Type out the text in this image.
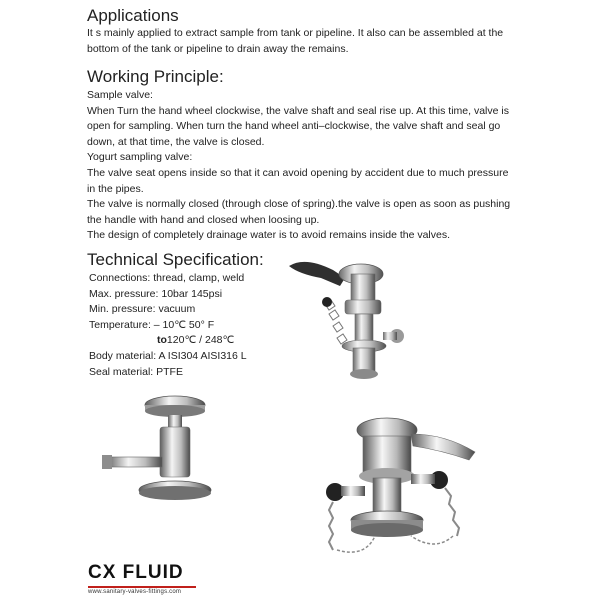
Applications

It s mainly applied to extract sample from tank or pipeline. It also can be assembled at the bottom of the tank or pipeline to drain away the remains.

Working Principle:
Sample valve:
When Turn the hand wheel clockwise, the valve shaft and seal rise up. At this time, valve is open for sampling. When turn the hand wheel anti–clockwise, the valve shaft and seal go down, at that time, the valve is closed.
Yogurt sampling valve:
The valve seat opens inside so that it can avoid opening by accident due to much pressure in the pipes.
The valve is normally closed (through close of spring).the valve is open as soon as pushing the handle with hand and closed when loosing up.
The design of completely drainage water is to avoid remains inside the valves.
Technical Specification:
Connections: thread, clamp, weld
Max. pressure: 10bar 145psi
Min. pressure: vacuum
Temperature: – 10℃ 50° F
to120℃ / 248℃
Body material: A ISI304 AISI316 L
Seal material: PTFE
CX FLUID
www.sanitary-valves-fittings.com
